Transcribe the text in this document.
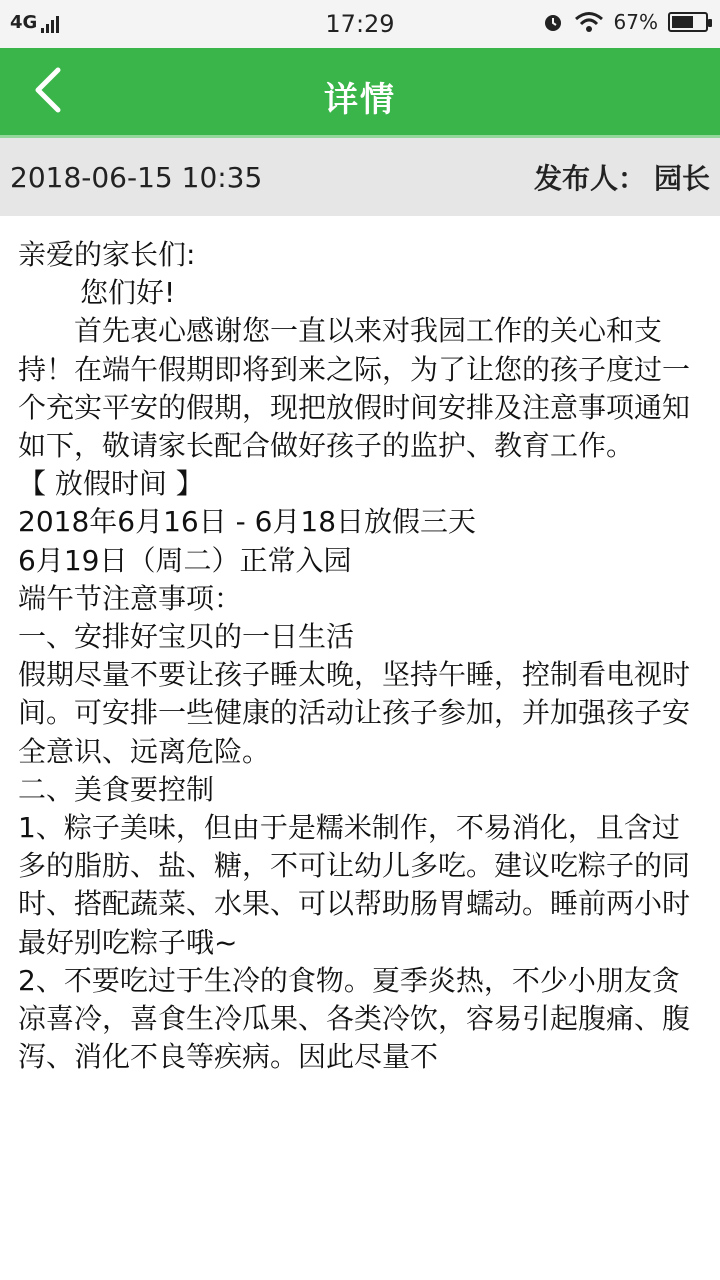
4G	17:29	67%
详情
2018-06-15 10:35	发布人： 园长

亲爱的家长们:

您们好!

首先衷心感谢您一直以来对我园工作的关心和支持！在端午假期即将到来之际，为了让您的孩子度过一个充实平安的假期，现把放假时间安排及注意事项通知如下，敬请家长配合做好孩子的监护、教育工作。

【 放假时间 】

2018年6月16日 - 6月18日放假三天

6月19日（周二）正常入园

端午节注意事项：

一、安排好宝贝的一日生活

假期尽量不要让孩子睡太晚，坚持午睡，控制看电视时间。可安排一些健康的活动让孩子参加，并加强孩子安全意识、远离危险。

二、美食要控制

1、粽子美味，但由于是糯米制作，不易消化，且含过多的脂肪、盐、糖，不可让幼儿多吃。建议吃粽子的同时、搭配蔬菜、水果、可以帮助肠胃蠕动。睡前两小时最好别吃粽子哦~

2、不要吃过于生冷的食物。夏季炎热，不少小朋友贪凉喜冷，喜食生冷瓜果、各类冷饮，容易引起腹痛、腹泻、消化不良等疾病。因此尽量不
